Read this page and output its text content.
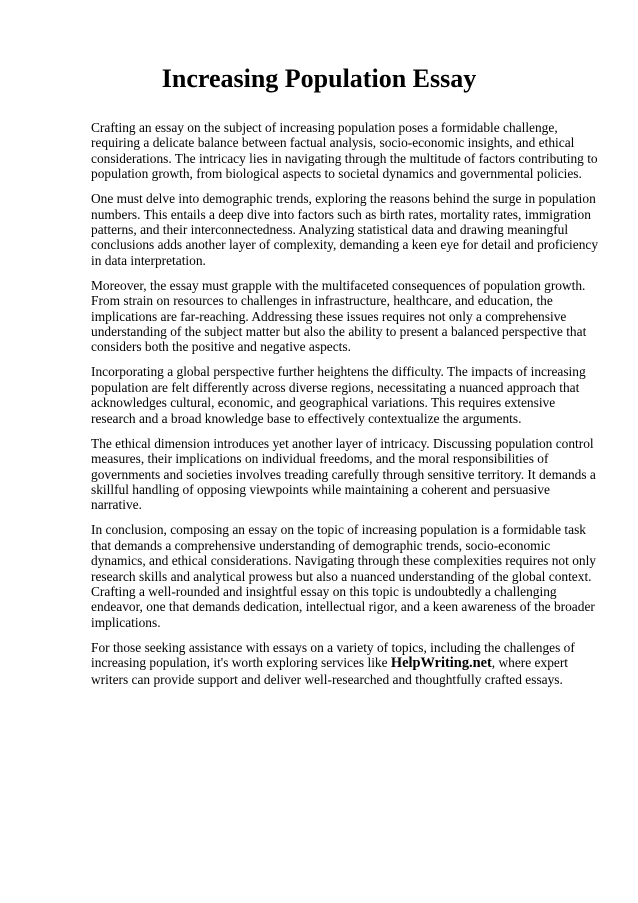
Increasing Population Essay

Crafting an essay on the subject of increasing population poses a formidable challenge, requiring a delicate balance between factual analysis, socio-economic insights, and ethical considerations. The intricacy lies in navigating through the multitude of factors contributing to population growth, from biological aspects to societal dynamics and governmental policies.

One must delve into demographic trends, exploring the reasons behind the surge in population numbers. This entails a deep dive into factors such as birth rates, mortality rates, immigration patterns, and their interconnectedness. Analyzing statistical data and drawing meaningful conclusions adds another layer of complexity, demanding a keen eye for detail and proficiency in data interpretation.

Moreover, the essay must grapple with the multifaceted consequences of population growth. From strain on resources to challenges in infrastructure, healthcare, and education, the implications are far-reaching. Addressing these issues requires not only a comprehensive understanding of the subject matter but also the ability to present a balanced perspective that considers both the positive and negative aspects.

Incorporating a global perspective further heightens the difficulty. The impacts of increasing population are felt differently across diverse regions, necessitating a nuanced approach that acknowledges cultural, economic, and geographical variations. This requires extensive research and a broad knowledge base to effectively contextualize the arguments.

The ethical dimension introduces yet another layer of intricacy. Discussing population control measures, their implications on individual freedoms, and the moral responsibilities of governments and societies involves treading carefully through sensitive territory. It demands a skillful handling of opposing viewpoints while maintaining a coherent and persuasive narrative.

In conclusion, composing an essay on the topic of increasing population is a formidable task that demands a comprehensive understanding of demographic trends, socio-economic dynamics, and ethical considerations. Navigating through these complexities requires not only research skills and analytical prowess but also a nuanced understanding of the global context. Crafting a well-rounded and insightful essay on this topic is undoubtedly a challenging endeavor, one that demands dedication, intellectual rigor, and a keen awareness of the broader implications.

For those seeking assistance with essays on a variety of topics, including the challenges of increasing population, it's worth exploring services like HelpWriting.net, where expert writers can provide support and deliver well-researched and thoughtfully crafted essays.
